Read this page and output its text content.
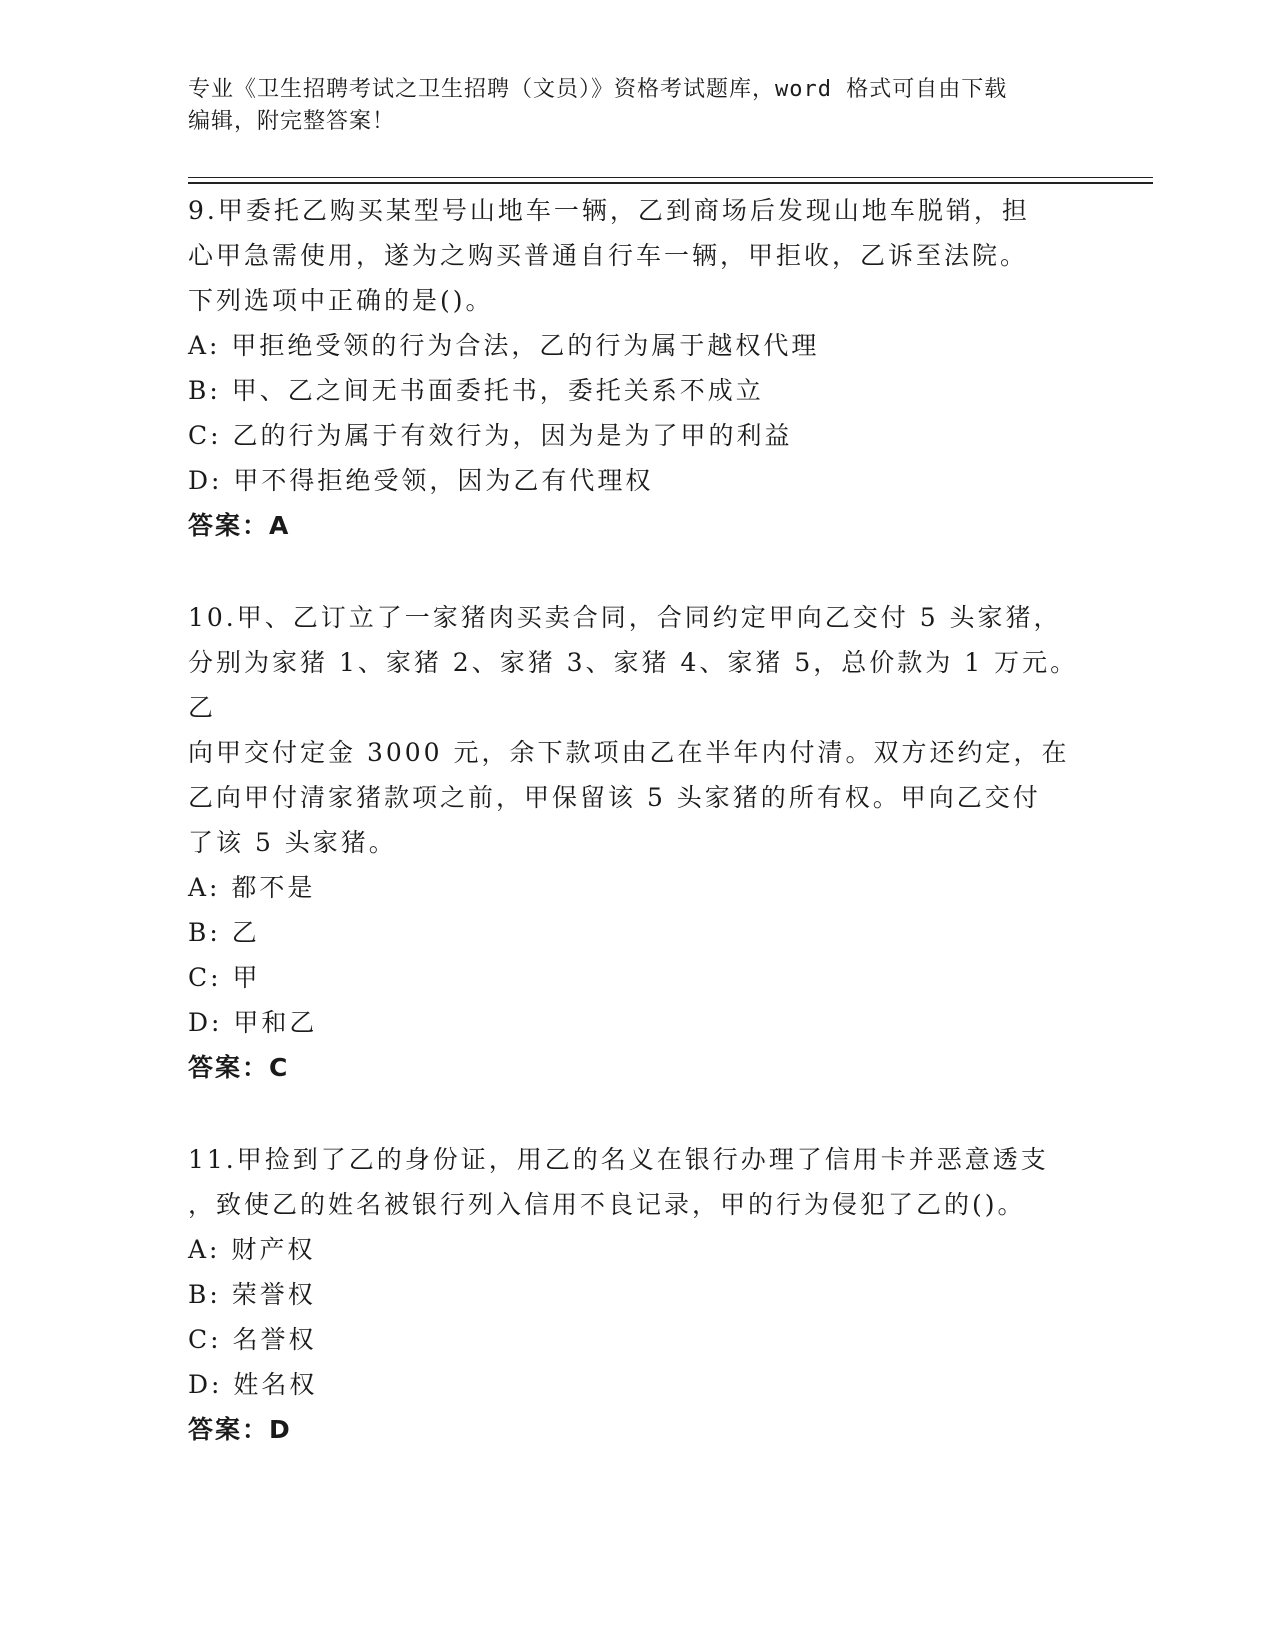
专业《卫生招聘考试之卫生招聘（文员）》资格考试题库，word 格式可自由下载
编辑，附完整答案！
9.甲委托乙购买某型号山地车一辆，乙到商场后发现山地车脱销，担
心甲急需使用，遂为之购买普通自行车一辆，甲拒收，乙诉至法院。
下列选项中正确的是()。
A: 甲拒绝受领的行为合法，乙的行为属于越权代理
B: 甲、乙之间无书面委托书，委托关系不成立
C: 乙的行为属于有效行为，因为是为了甲的利益
D: 甲不得拒绝受领，因为乙有代理权
答案：A
10.甲、乙订立了一家猪肉买卖合同，合同约定甲向乙交付 5 头家猪，
分别为家猪 1、家猪 2、家猪 3、家猪 4、家猪 5，总价款为 1 万元。乙
向甲交付定金 3000 元，余下款项由乙在半年内付清。双方还约定，在
乙向甲付清家猪款项之前，甲保留该 5 头家猪的所有权。甲向乙交付
了该 5 头家猪。
A: 都不是
B: 乙
C: 甲
D: 甲和乙
答案：C
11.甲捡到了乙的身份证，用乙的名义在银行办理了信用卡并恶意透支
，致使乙的姓名被银行列入信用不良记录，甲的行为侵犯了乙的()。
A: 财产权
B: 荣誉权
C: 名誉权
D: 姓名权
答案：D
